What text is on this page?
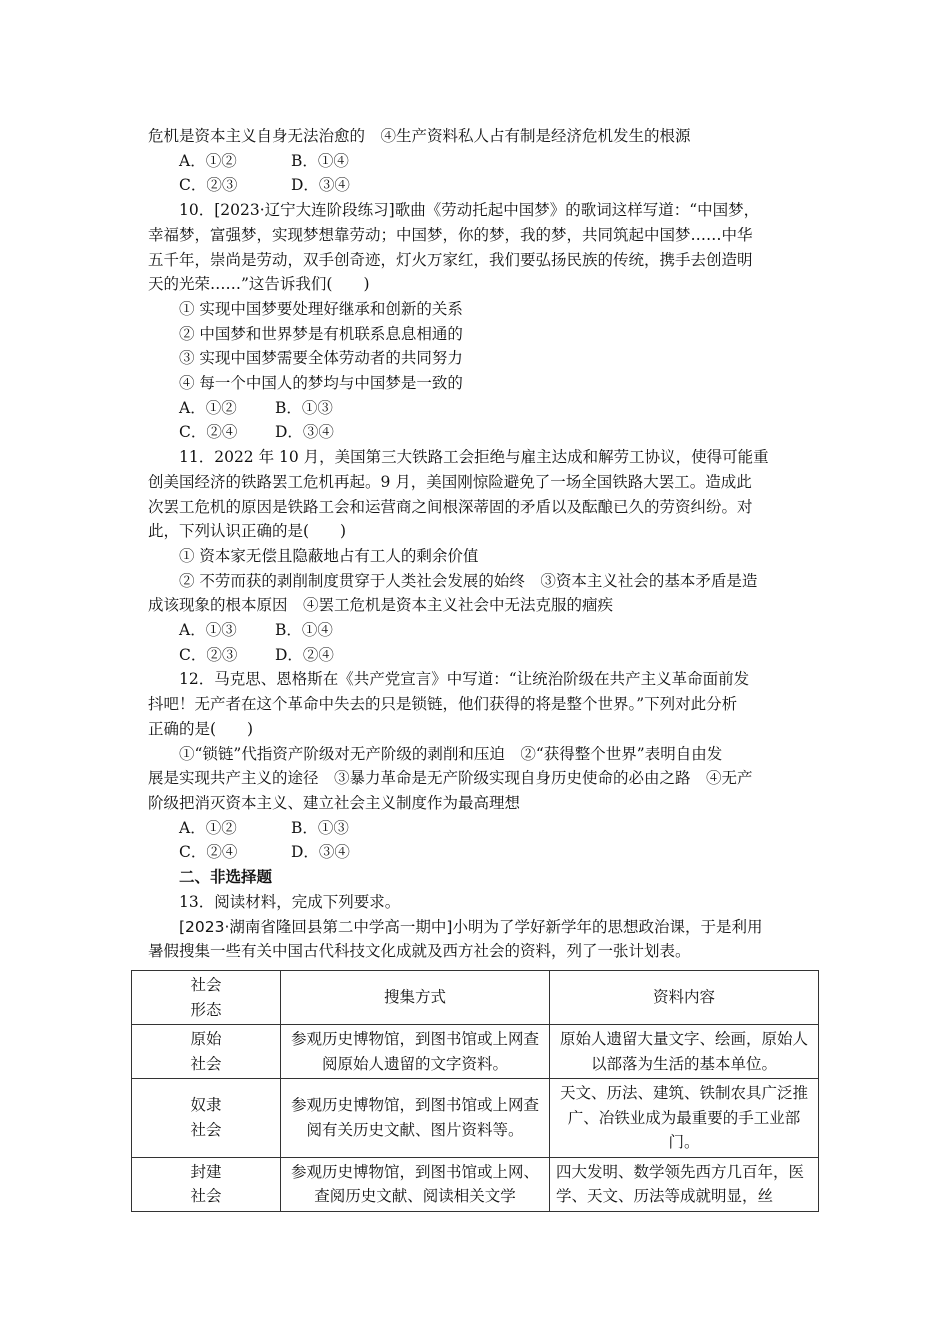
危机是资本主义自身无法治愈的　④生产资料私人占有制是经济危机发生的根源
A．①②	B．①④
C．②③	D．③④
10．[2023·辽宁大连阶段练习]歌曲《劳动托起中国梦》的歌词这样写道：“中国梦，
幸福梦，富强梦，实现梦想靠劳动；中国梦，你的梦，我的梦，共同筑起中国梦……中华
五千年，崇尚是劳动，双手创奇迹，灯火万家红，我们要弘扬民族的传统，携手去创造明
天的光荣……”这告诉我们(　　)
① 实现中国梦要处理好继承和创新的关系
② 中国梦和世界梦是有机联系息息相通的
③ 实现中国梦需要全体劳动者的共同努力
④ 每一个中国人的梦均与中国梦是一致的
A．①② B．①③
C．②④ D．③④
11．2022 年 10 月，美国第三大铁路工会拒绝与雇主达成和解劳工协议，使得可能重
创美国经济的铁路罢工危机再起。9 月，美国刚惊险避免了一场全国铁路大罢工。造成此
次罢工危机的原因是铁路工会和运营商之间根深蒂固的矛盾以及酝酿已久的劳资纠纷。对
此，下列认识正确的是(　　)
① 资本家无偿且隐蔽地占有工人的剩余价值
② 不劳而获的剥削制度贯穿于人类社会发展的始终　③资本主义社会的基本矛盾是造
成该现象的根本原因　④罢工危机是资本主义社会中无法克服的痼疾
A．①③ B．①④
C．②③ D．②④
12．马克思、恩格斯在《共产党宣言》中写道：“让统治阶级在共产主义革命面前发
抖吧！无产者在这个革命中失去的只是锁链，他们获得的将是整个世界。”下列对此分析
正确的是(　　)
①“锁链”代指资产阶级对无产阶级的剥削和压迫　②“获得整个世界”表明自由发
展是实现共产主义的途径　③暴力革命是无产阶级实现自身历史使命的必由之路　④无产
阶级把消灭资本主义、建立社会主义制度作为最高理想
A．①②	B．①③
C．②④	D．③④
二、非选择题
13．阅读材料，完成下列要求。
[2023·湖南省隆回县第二中学高一期中]小明为了学好新学年的思想政治课，于是利用
暑假搜集一些有关中国古代科技文化成就及西方社会的资料，列了一张计划表。
社会
形态	搜集方式	资料内容
原始
社会	参观历史博物馆，到图书馆或上网查阅原始人遗留的文字资料。	原始人遗留大量文字、绘画，原始人以部落为生活的基本单位。
奴隶
社会	参观历史博物馆，到图书馆或上网查阅有关历史文献、图片资料等。	天文、历法、建筑、铁制农具广泛推广、冶铁业成为最重要的手工业部门。
封建
社会	参观历史博物馆，到图书馆或上网、查阅历史文献、阅读相关文学	四大发明、数学领先西方几百年，医学、天文、历法等成就明显，丝
